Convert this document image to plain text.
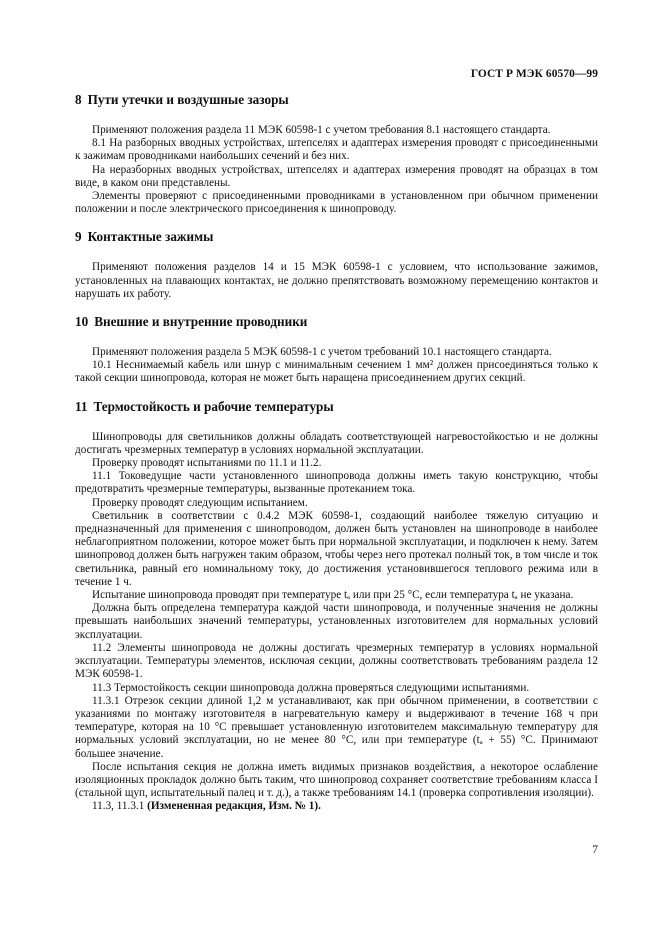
ГОСТ Р МЭК 60570—99
8 Пути утечки и воздушные зазоры

Применяют положения раздела 11 МЭК 60598-1 с учетом требования 8.1 настоящего стандарта.

8.1 На разборных вводных устройствах, штепселях и адаптерах измерения проводят с присоединенными к зажимам проводниками наибольших сечений и без них.

На неразборных вводных устройствах, штепселях и адаптерах измерения проводят на образцах в том виде, в каком они представлены.

Элементы проверяют с присоединенными проводниками в установленном при обычном применении положении и после электрического присоединения к шинопроводу.

9 Контактные зажимы

Применяют положения разделов 14 и 15 МЭК 60598-1 с условием, что использование зажимов, установленных на плавающих контактах, не должно препятствовать возможному перемещению контактов и нарушать их работу.

10 Внешние и внутренние проводники

Применяют положения раздела 5 МЭК 60598-1 с учетом требований 10.1 настоящего стандарта.

10.1 Неснимаемый кабель или шнур с минимальным сечением 1 мм² должен присоединяться только к такой секции шинопровода, которая не может быть наращена присоединением других секций.

11 Термостойкость и рабочие температуры

Шинопроводы для светильников должны обладать соответствующей нагревостойкостью и не должны достигать чрезмерных температур в условиях нормальной эксплуатации.

Проверку проводят испытаниями по 11.1 и 11.2.

11.1 Токоведущие части установленного шинопровода должны иметь такую конструкцию, чтобы предотвратить чрезмерные температуры, вызванные протеканием тока.

Проверку проводят следующим испытанием.

Светильник в соответствии с 0.4.2 МЭК 60598-1, создающий наиболее тяжелую ситуацию и предназначенный для применения с шинопроводом, должен быть установлен на шинопроводе в наиболее неблагоприятном положении, которое может быть при нормальной эксплуатации, и подключен к нему. Затем шинопровод должен быть нагружен таким образом, чтобы через него протекал полный ток, в том числе и ток светильника, равный его номинальному току, до достижения установившегося теплового режима или в течение 1 ч.

Испытание шинопровода проводят при температуре tₐ или при 25 °C, если температура tₐ не указана.

Должна быть определена температура каждой части шинопровода, и полученные значения не должны превышать наибольших значений температуры, установленных изготовителем для нормальных условий эксплуатации.

11.2 Элементы шинопровода не должны достигать чрезмерных температур в условиях нормальной эксплуатации. Температуры элементов, исключая секции, должны соответствовать требованиям раздела 12 МЭК 60598-1.

11.3 Термостойкость секции шинопровода должна проверяться следующими испытаниями.

11.3.1 Отрезок секции длиной 1,2 м устанавливают, как при обычном применении, в соответствии с указаниями по монтажу изготовителя в нагревательную камеру и выдерживают в течение 168 ч при температуре, которая на 10 °C превышает установленную изготовителем максимальную температуру для нормальных условий эксплуатации, но не менее 80 °C, или при температуре (tₐ + 55) °C. Принимают большее значение.

После испытания секция не должна иметь видимых признаков воздействия, а некоторое ослабление изоляционных прокладок должно быть таким, что шинопровод сохраняет соответствие требованиям класса I (стальной щуп, испытательный палец и т. д.), а также требованиям 14.1 (проверка сопротивления изоляции).

11.3, 11.3.1 (Измененная редакция, Изм. № 1).

7
